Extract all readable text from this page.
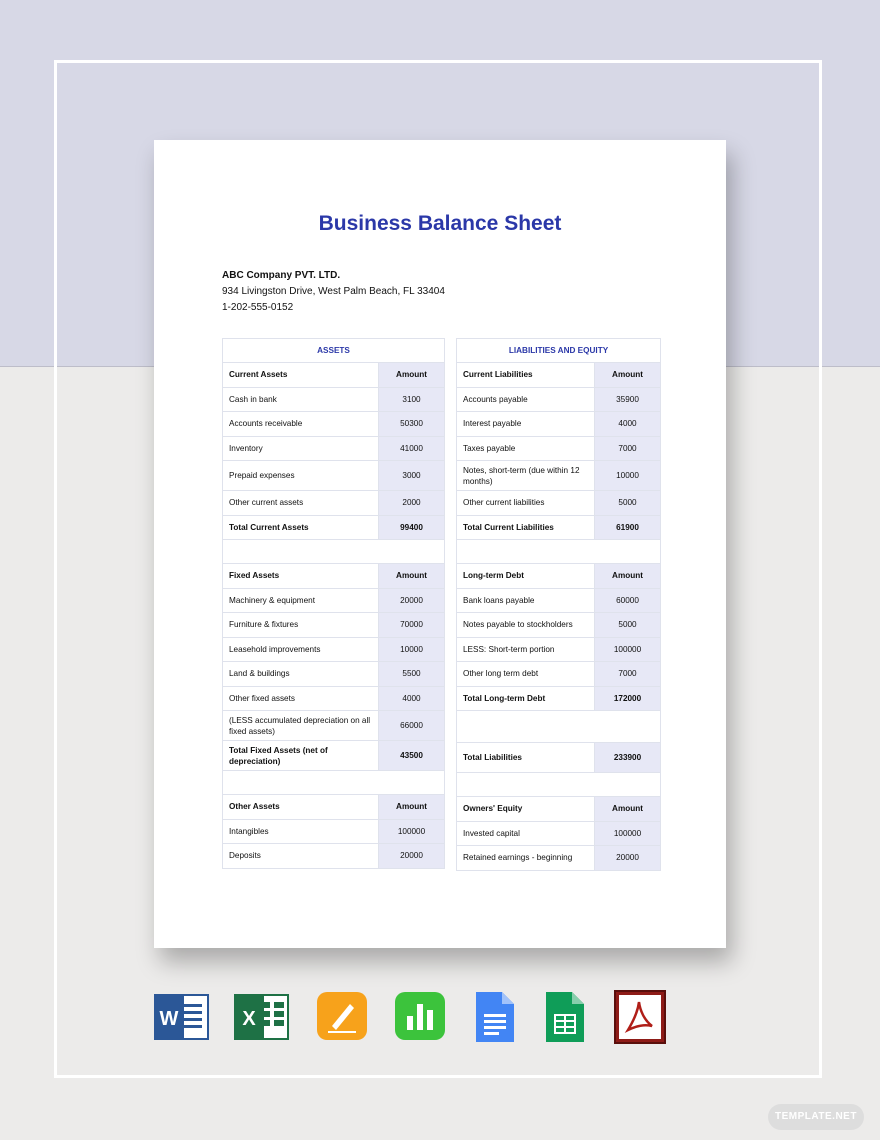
Business Balance Sheet
ABC Company PVT. LTD.
934 Livingston Drive, West Palm Beach, FL 33404
1-202-555-0152
ASSETS	
Current Assets	Amount
Cash in bank	3100
Accounts receivable	50300
Inventory	41000
Prepaid expenses	3000
Other current assets	2000
Total Current Assets	99400

Fixed Assets	Amount
Machinery & equipment	20000
Furniture & fixtures	70000
Leasehold improvements	10000
Land & buildings	5500
Other fixed assets	4000
(LESS accumulated depreciation on all fixed assets)	66000
Total Fixed Assets (net of depreciation)	43500

Other Assets	Amount
Intangibles	100000
Deposits	20000
LIABILITIES AND EQUITY	
Current Liabilities	Amount
Accounts payable	35900
Interest payable	4000
Taxes payable	7000
Notes, short-term (due within 12 months)	10000
Other current liabilities	5000
Total Current Liabilities	61900

Long-term Debt	Amount
Bank loans payable	60000
Notes payable to stockholders	5000
LESS: Short-term portion	100000
Other long term debt	7000
Total Long-term Debt	172000

Total Liabilities	233900

Owners' Equity	Amount
Invested capital	100000
Retained earnings - beginning	20000
W	X
TEMPLATE.NET
